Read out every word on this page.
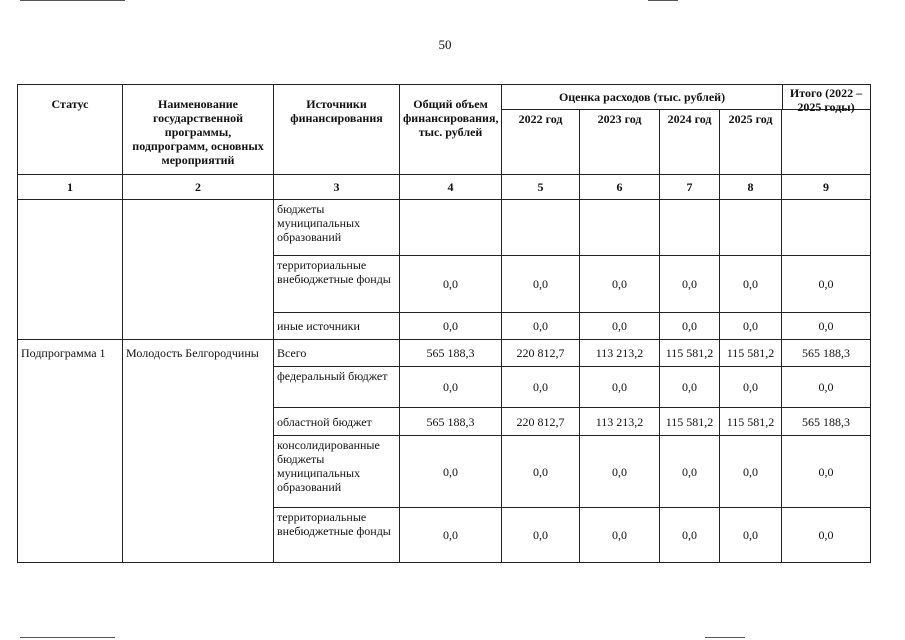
50
Статус	Наименование государственной программы, подпрограмм, основных мероприятий	Источники финансирования	Общий объем финансирования, тыс. рублей	Оценка расходов (тыс. рублей)				

				2022 год	2023 год	2024 год	2025 год	Итого (2022 – 2025 годы)
1	2	3	4	5	6	7	8	9
		бюджеты муниципальных образований						
		территориальные внебюджетные фонды	0,0	0,0	0,0	0,0	0,0	0,0
		иные источники	0,0	0,0	0,0	0,0	0,0	0,0
Подпрограмма 1	Молодость Белгородчины	Всего	565 188,3	220 812,7	113 213,2	115 581,2	115 581,2	565 188,3
		федеральный бюджет	0,0	0,0	0,0	0,0	0,0	0,0
		областной бюджет	565 188,3	220 812,7	113 213,2	115 581,2	115 581,2	565 188,3
		консолидированные бюджеты муниципальных образований	0,0	0,0	0,0	0,0	0,0	0,0
		территориальные внебюджетные фонды	0,0	0,0	0,0	0,0	0,0	0,0
